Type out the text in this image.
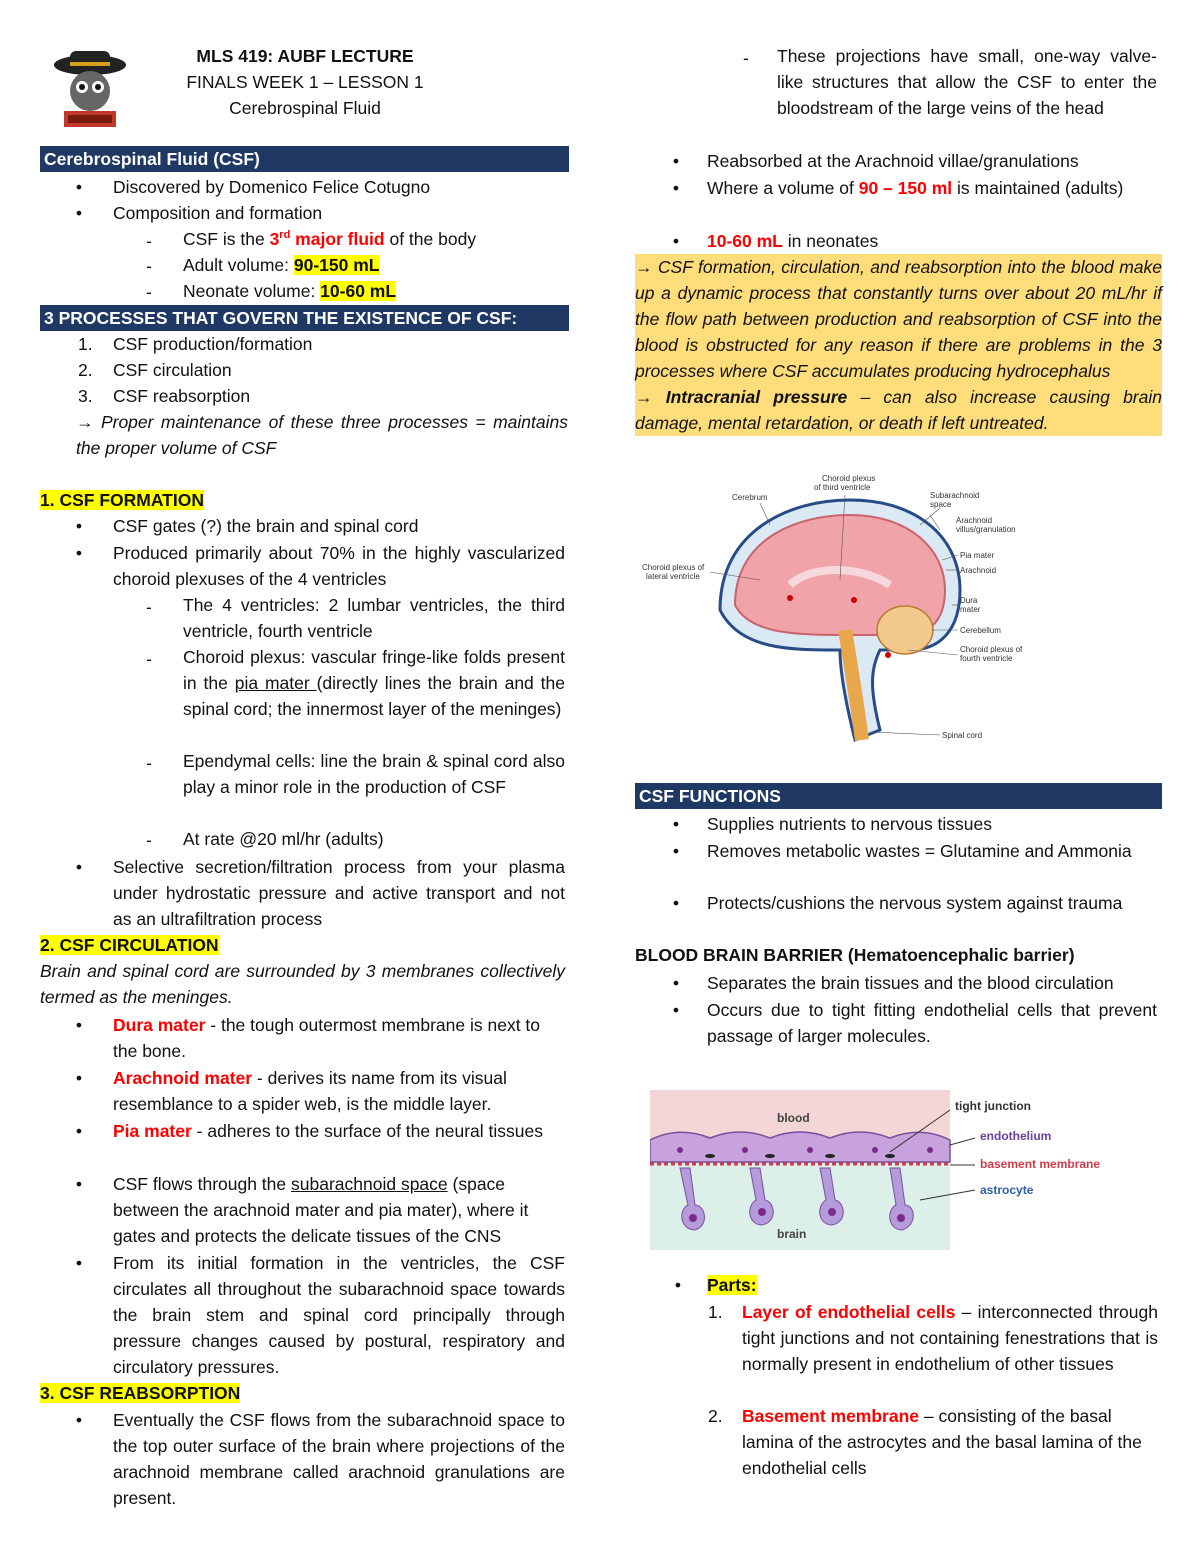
MLS 419: AUBF LECTURE
FINALS WEEK 1 – LESSON 1
Cerebrospinal Fluid
Cerebrospinal Fluid (CSF)
• Discovered by Domenico Felice Cotugno
• Composition and formation
- CSF is the 3rd major fluid of the body
- Adult volume: 90-150 mL
- Neonate volume: 10-60 mL
3 PROCESSES THAT GOVERN THE EXISTENCE OF CSF:
1. CSF production/formation
2. CSF circulation
3. CSF reabsorption
→ Proper maintenance of these three processes = maintains the proper volume of CSF
1. CSF FORMATION
• CSF gates (?) the brain and spinal cord
• Produced primarily about 70% in the highly vascularized choroid plexuses of the 4 ventricles
- The 4 ventricles: 2 lumbar ventricles, the third ventricle, fourth ventricle
- Choroid plexus: vascular fringe-like folds present in the pia mater (directly lines the brain and the spinal cord; the innermost layer of the meninges)
- Ependymal cells: line the brain & spinal cord also play a minor role in the production of CSF
- At rate @20 ml/hr (adults)
• Selective secretion/filtration process from your plasma under hydrostatic pressure and active transport and not as an ultrafiltration process
2. CSF CIRCULATION
Brain and spinal cord are surrounded by 3 membranes collectively termed as the meninges.
• Dura mater - the tough outermost membrane is next to the bone.
• Arachnoid mater - derives its name from its visual resemblance to a spider web, is the middle layer.
• Pia mater - adheres to the surface of the neural tissues
• CSF flows through the subarachnoid space (space between the arachnoid mater and pia mater), where it gates and protects the delicate tissues of the CNS
• From its initial formation in the ventricles, the CSF circulates all throughout the subarachnoid space towards the brain stem and spinal cord principally through pressure changes caused by postural, respiratory and circulatory pressures.
3. CSF REABSORPTION
• Eventually the CSF flows from the subarachnoid space to the top outer surface of the brain where projections of the arachnoid membrane called arachnoid granulations are present.
- These projections have small, one-way valve-like structures that allow the CSF to enter the bloodstream of the large veins of the head
• Reabsorbed at the Arachnoid villae/granulations
• Where a volume of 90 – 150 ml is maintained (adults)
• 10-60 mL in neonates
→ CSF formation, circulation, and reabsorption into the blood make up a dynamic process that constantly turns over about 20 mL/hr if the flow path between production and reabsorption of CSF into the blood is obstructed for any reason if there are problems in the 3 processes where CSF accumulates producing hydrocephalus
→ Intracranial pressure – can also increase causing brain damage, mental retardation, or death if left untreated.
Cerebrum
Choroid plexus
of third ventricle
Subarachnoid
space
Arachnoid
villus/granulation
Pia mater
Arachnoid
Dura
mater
Cerebellum
Choroid plexus of
fourth ventricle
Choroid plexus of
lateral ventricle
Spinal cord
CSF FUNCTIONS
• Supplies nutrients to nervous tissues
• Removes metabolic wastes = Glutamine and Ammonia
• Protects/cushions the nervous system against trauma
BLOOD BRAIN BARRIER (Hematoencephalic barrier)
• Separates the brain tissues and the blood circulation
• Occurs due to tight fitting endothelial cells that prevent passage of larger molecules.
blood
brain
tight junction
endothelium
basement membrane
astrocyte
• Parts:
1. Layer of endothelial cells – interconnected through tight junctions and not containing fenestrations that is normally present in endothelium of other tissues
2. Basement membrane – consisting of the basal lamina of the astrocytes and the basal lamina of the endothelial cells
